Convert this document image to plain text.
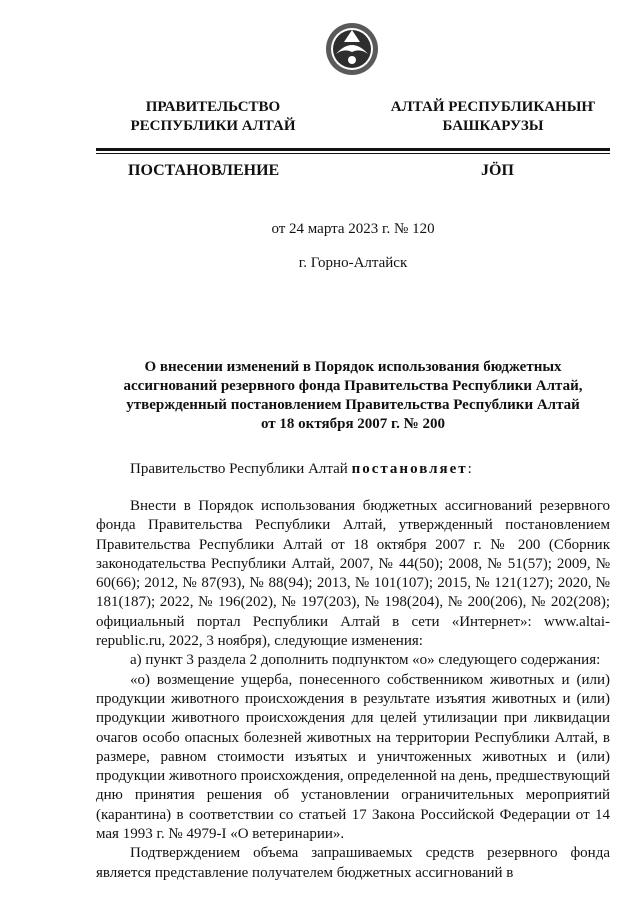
ПРАВИТЕЛЬСТВО
РЕСПУБЛИКИ АЛТАЙ
АЛТАЙ РЕСПУБЛИКАНЫҤ
БАШКАРУЗЫ
ПОСТАНОВЛЕНИЕ	ЈӦП
от 24 марта 2023 г. № 120
г. Горно-Алтайск
О внесении изменений в Порядок использования бюджетных
ассигнований резервного фонда Правительства Республики Алтай,
утвержденный постановлением Правительства Республики Алтай
от 18 октября 2007 г. № 200

Правительство Республики Алтай постановляет:

Внести в Порядок использования бюджетных ассигнований резервного фонда Правительства Республики Алтай, утвержденный постановлением Правительства Республики Алтай от 18 октября 2007 г. № 200 (Сборник законодательства Республики Алтай, 2007, № 44(50); 2008, № 51(57); 2009, № 60(66); 2012, № 87(93), № 88(94); 2013, № 101(107); 2015, № 121(127); 2020, № 181(187); 2022, № 196(202), № 197(203), № 198(204), № 200(206), № 202(208); официальный портал Республики Алтай в сети «Интернет»: www.altai-republic.ru, 2022, 3 ноября), следующие изменения:

а) пункт 3 раздела 2 дополнить подпунктом «о» следующего содержания:

«о) возмещение ущерба, понесенного собственником животных и (или) продукции животного происхождения в результате изъятия животных и (или) продукции животного происхождения для целей утилизации при ликвидации очагов особо опасных болезней животных на территории Республики Алтай, в размере, равном стоимости изъятых и уничтоженных животных и (или) продукции животного происхождения, определенной на день, предшествующий дню принятия решения об установлении ограничительных мероприятий (карантина) в соответствии со статьей 17 Закона Российской Федерации от 14 мая 1993 г. № 4979-I «О ветеринарии».

Подтверждением объема запрашиваемых средств резервного фонда является представление получателем бюджетных ассигнований в
